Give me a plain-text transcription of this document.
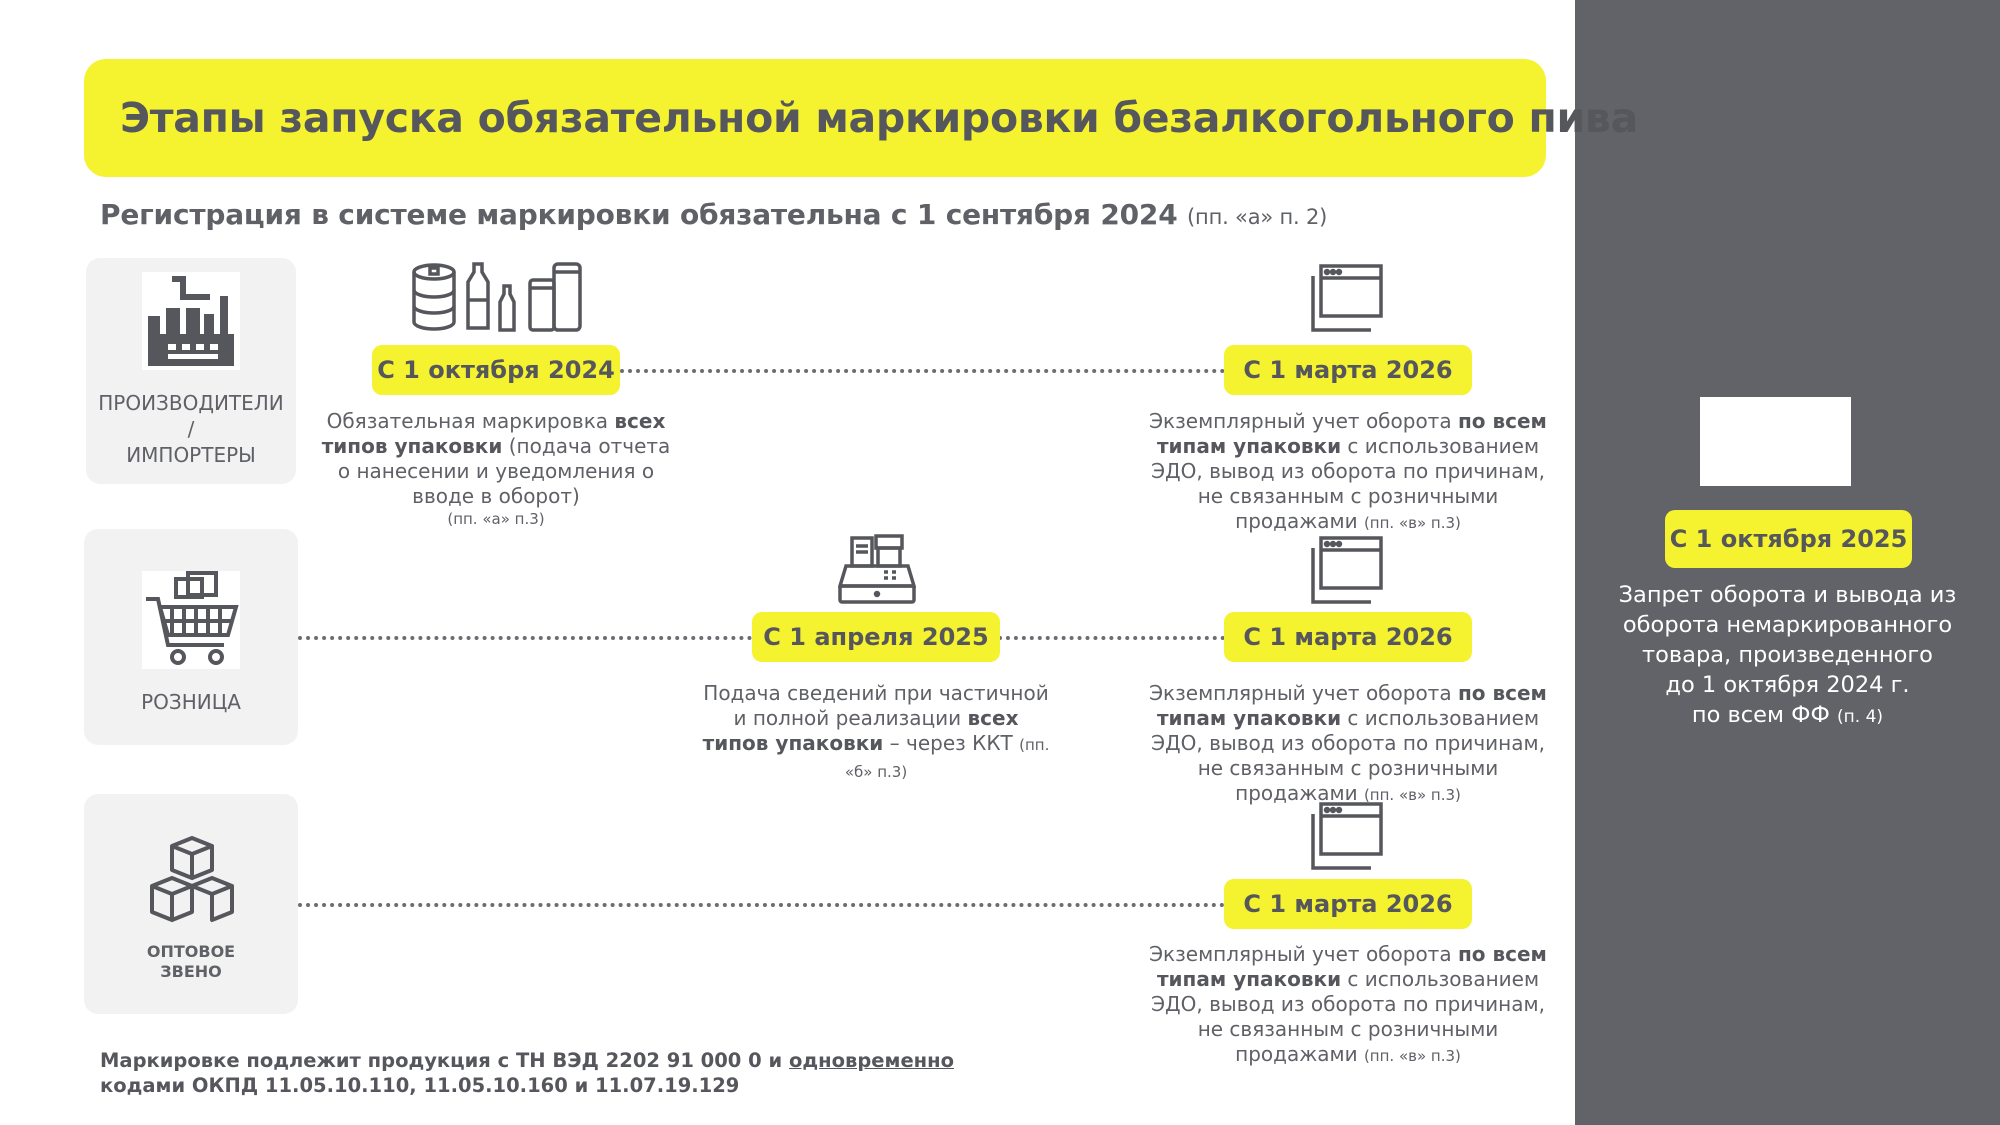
С 1 октября 2025
Запрет оборота и вывода из
оборота немаркированного
товара, произведенного
до 1 октября 2024 г.
по всем ФФ (п. 4)
Этапы запуска обязательной маркировки безалкогольного пива
Регистрация в системе маркировки обязательна с 1 сентября 2024 (пп. «а» п. 2)
ПРОИЗВОДИТЕЛИ
/
ИМПОРТЕРЫ
РОЗНИЦА
ОПТОВОЕ
ЗВЕНО
С 1 октября 2024
Обязательная маркировка всех типов упаковки (подача отчета о нанесении и уведомления о вводе в оборот)
(пп. «а» п.3)
С 1 марта 2026
Экземплярный учет оборота по всем типам упаковки с использованием ЭДО, вывод из оборота по причинам, не связанным с розничными продажами (пп. «в» п.3)
С 1 апреля 2025
Подача сведений при частичной и полной реализации всех типов упаковки – через ККТ (пп. «б» п.3)
С 1 марта 2026
Экземплярный учет оборота по всем типам упаковки с использованием ЭДО, вывод из оборота по причинам, не связанным с розничными продажами (пп. «в» п.3)
С 1 марта 2026
Экземплярный учет оборота по всем типам упаковки с использованием ЭДО, вывод из оборота по причинам, не связанным с розничными продажами (пп. «в» п.3)
Маркировке подлежит продукция с ТН ВЭД 2202 91 000 0 и одновременно
кодами ОКПД 11.05.10.110, 11.05.10.160 и 11.07.19.129
